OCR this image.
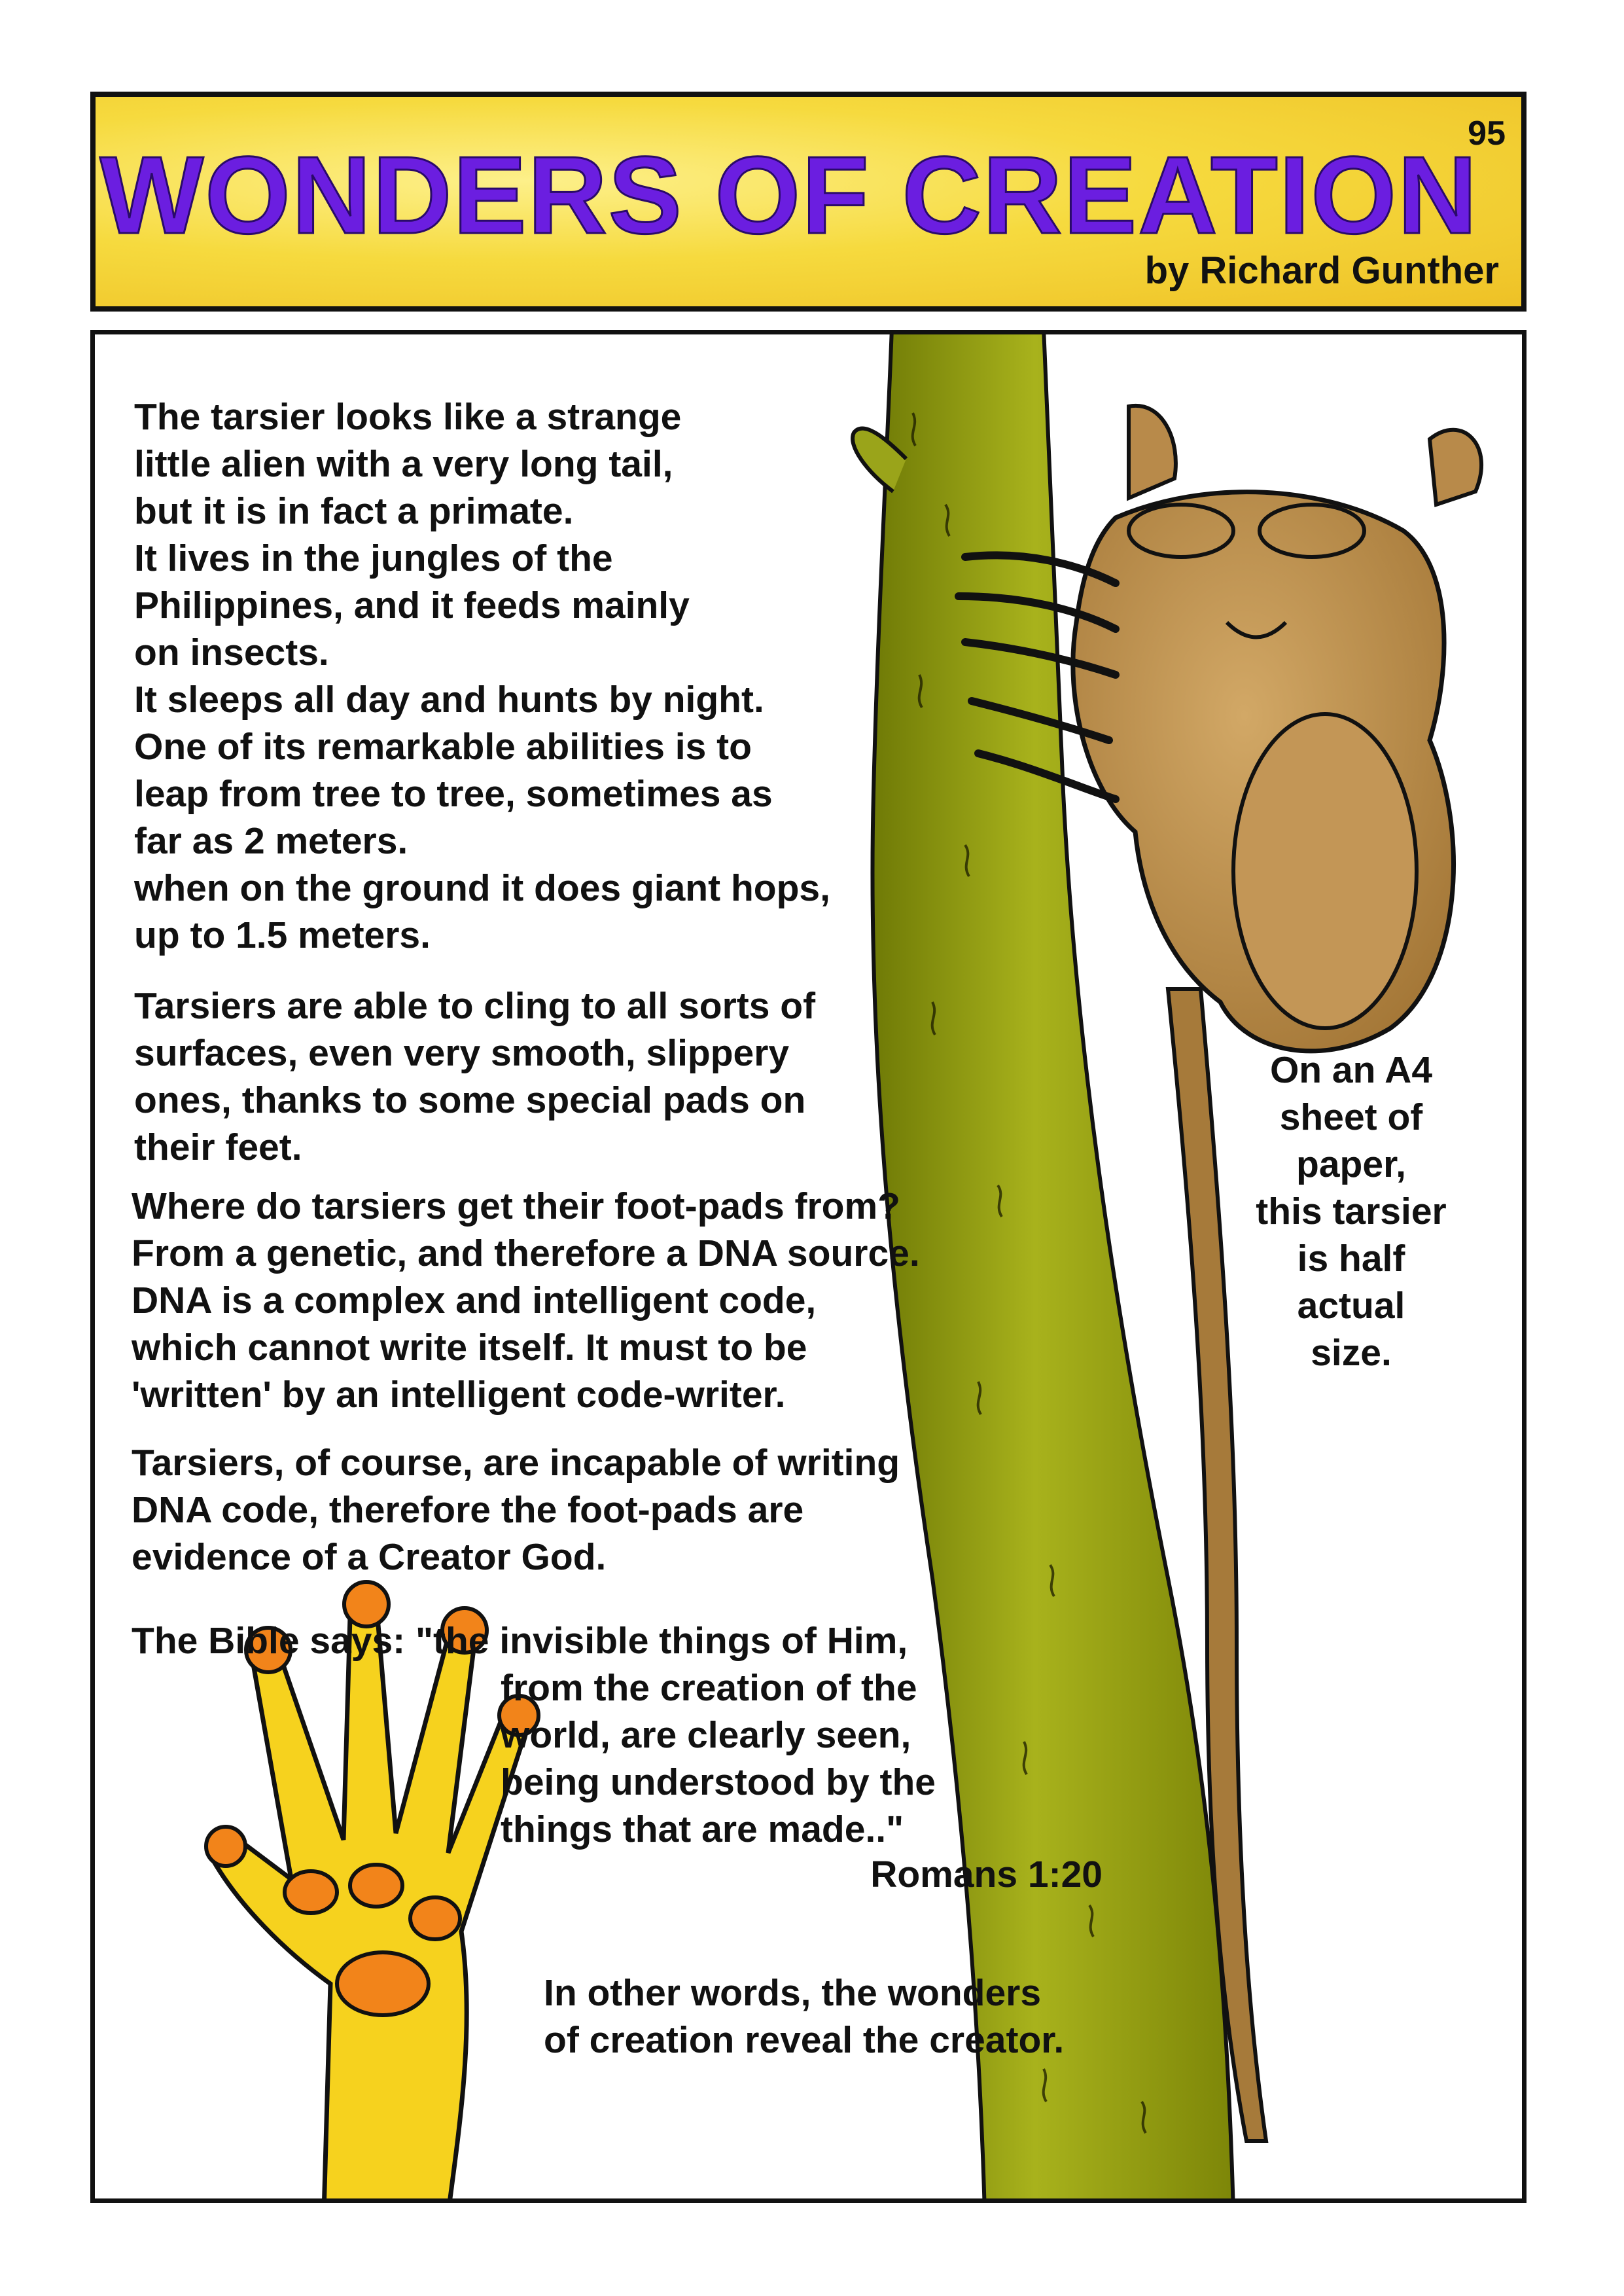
WONDERS OF CREATION
95
by Richard Gunther

The tarsier looks like a strange
little alien with a very long tail,
but it is in fact a primate.
It lives in the jungles of the
Philippines, and it feeds mainly
on insects.
It sleeps all day and hunts by night.
One of its remarkable abilities is to
leap from tree to tree, sometimes as
far as 2 meters.
when on the ground it does giant hops,
up to 1.5 meters.

Tarsiers are able to cling to all sorts of
surfaces, even very smooth, slippery
ones, thanks to some special pads on
their feet.

Where do tarsiers get their foot-pads from?
From a genetic, and therefore a DNA source.
DNA is a complex and intelligent code,
which cannot write itself. It must to be
'written' by an intelligent code-writer.

Tarsiers, of course, are incapable of writing
DNA code, therefore the foot-pads are
evidence of a Creator God.

The Bible says: "the invisible things of Him,
from the creation of the
world, are clearly seen,
being understood by the
things that are made.."
Romans 1:20
In other words, the wonders
of creation reveal the creator.
On an A4
sheet of
paper,
this tarsier
is half
actual
size.
